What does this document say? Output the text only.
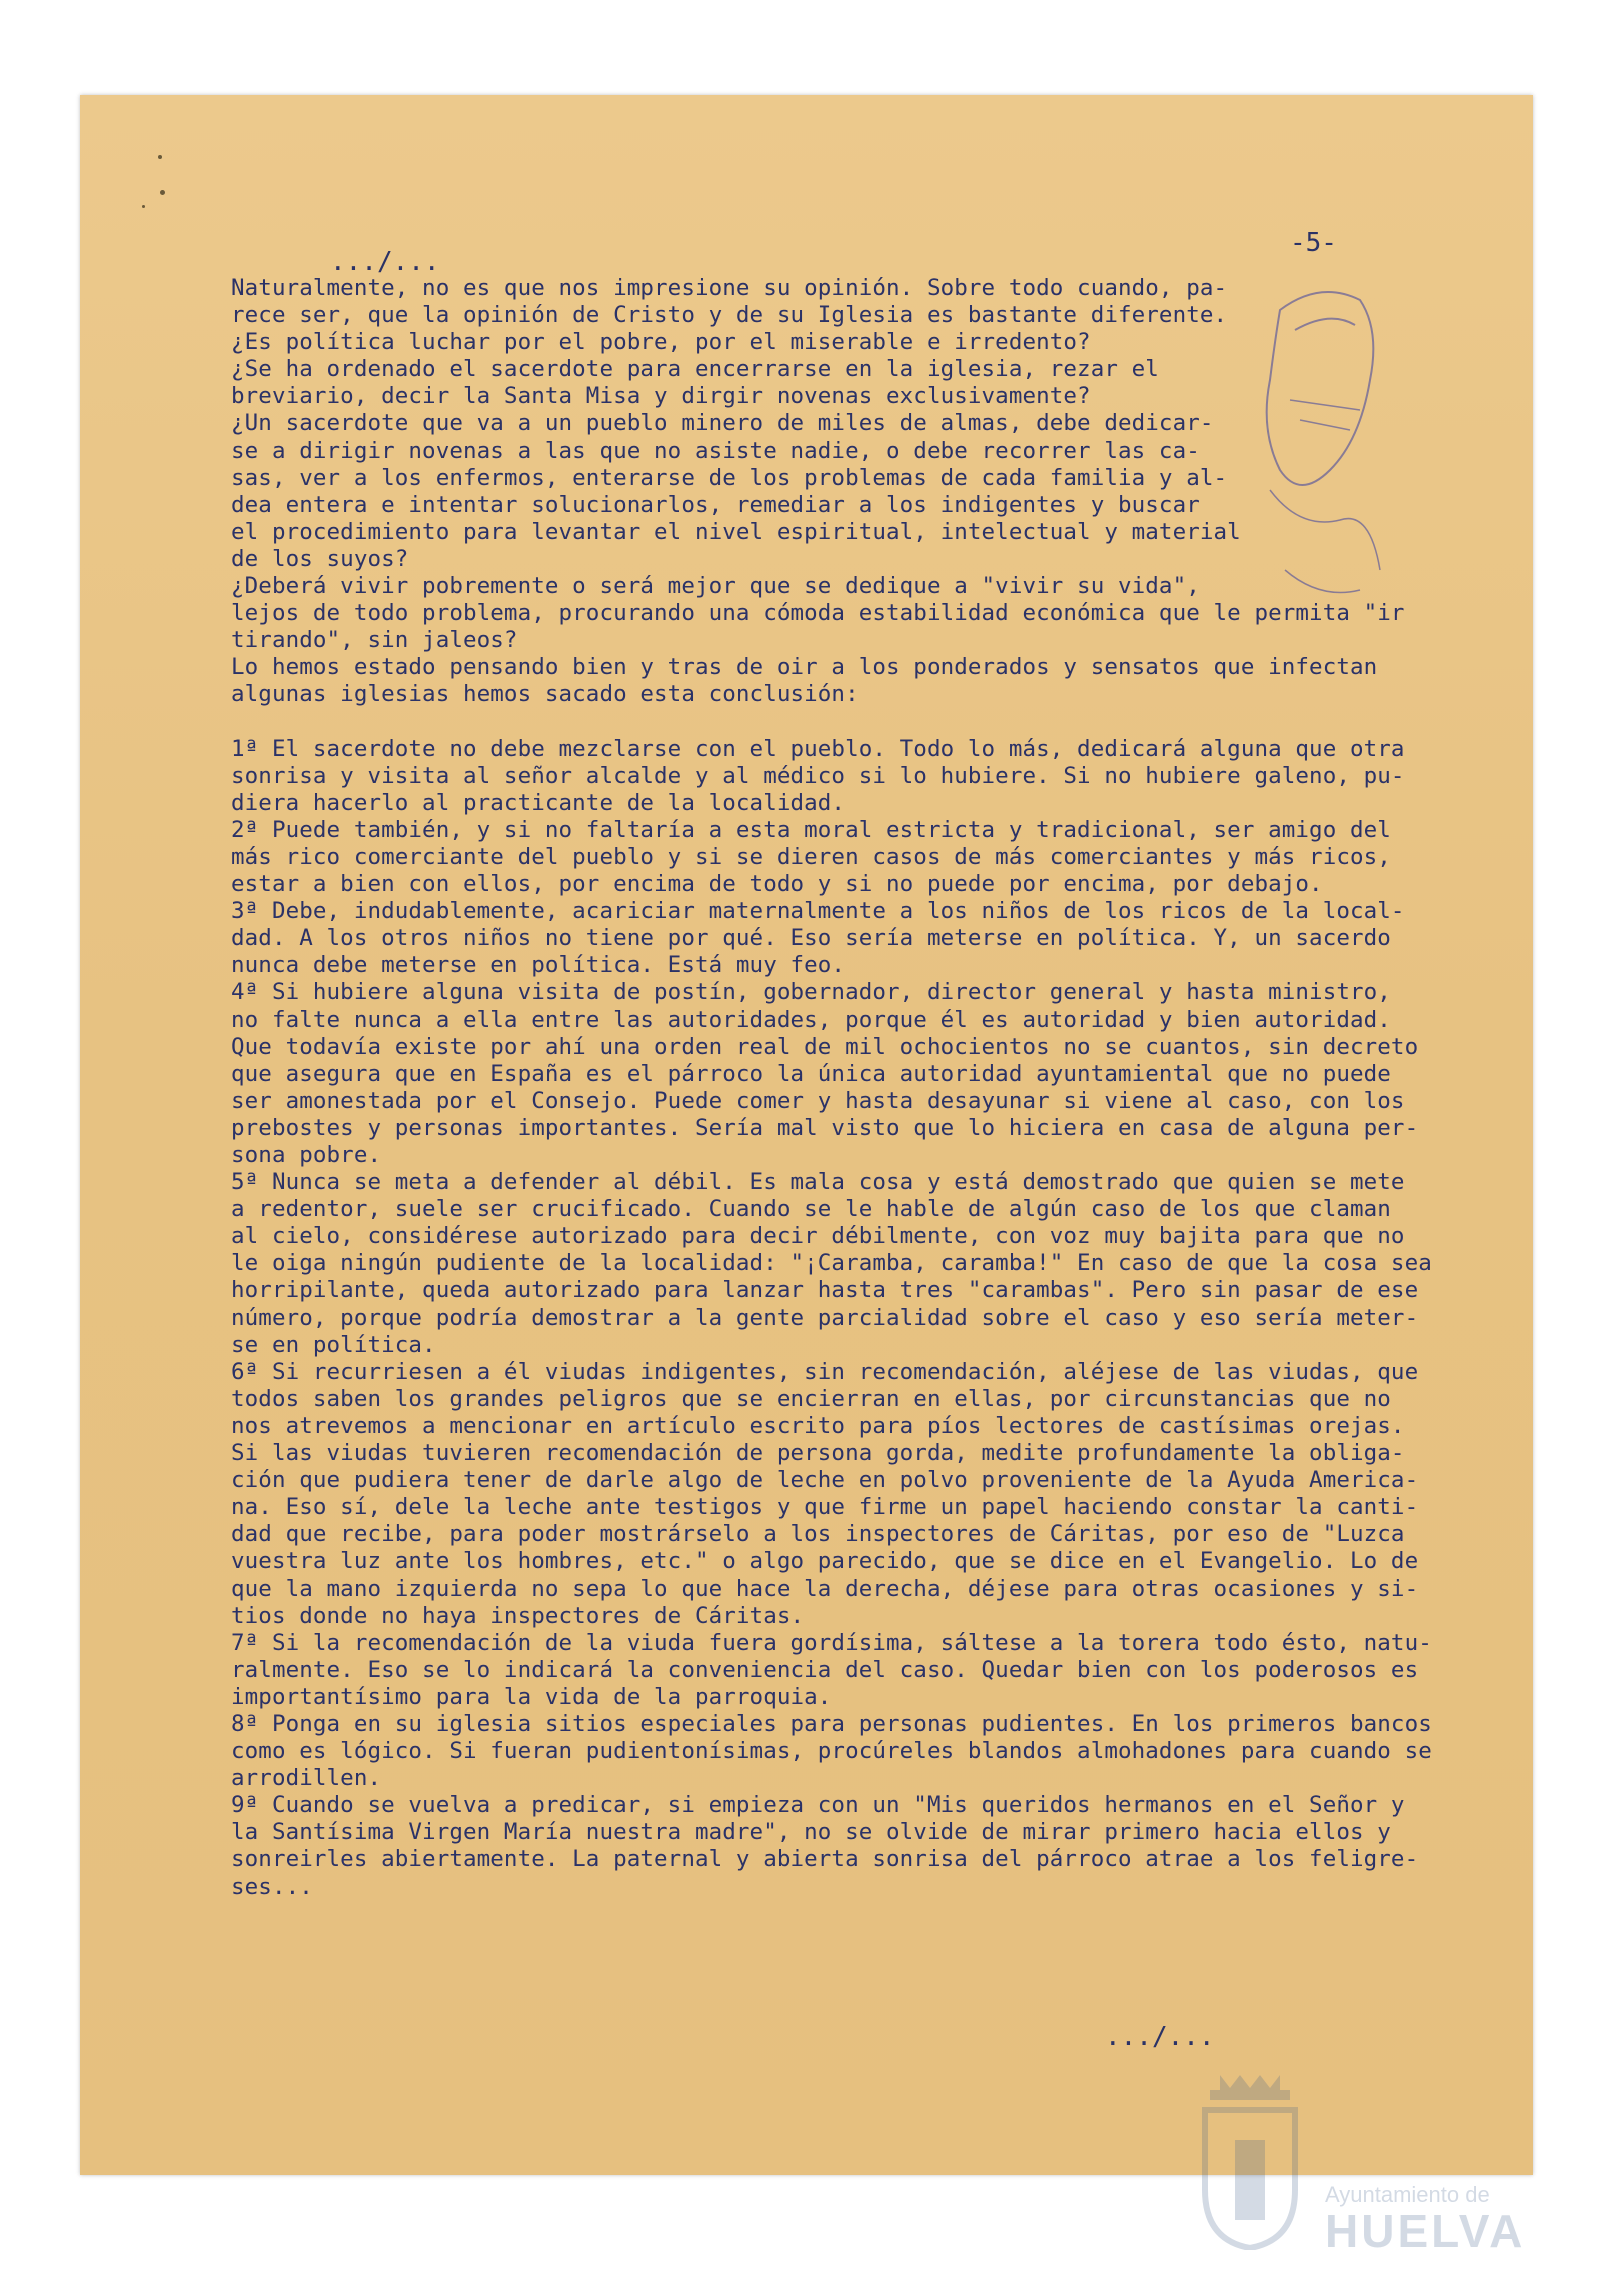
.../...
-5-
Naturalmente, no es que nos impresione su opinión. Sobre todo cuando, pa-
rece ser, que la opinión de Cristo y de su Iglesia es bastante diferente.
¿Es política luchar por el pobre, por el miserable e irredento?
¿Se ha ordenado el sacerdote para encerrarse en la iglesia, rezar el
breviario, decir la Santa Misa y dirgir novenas exclusivamente?
¿Un sacerdote que va a un pueblo minero de miles de almas, debe dedicar-
se a dirigir novenas a las que no asiste nadie, o debe recorrer las ca-
sas, ver a los enfermos, enterarse de los problemas de cada familia y al-
dea entera e intentar solucionarlos, remediar a los indigentes y buscar
el procedimiento para levantar el nivel espiritual, intelectual y material
de los suyos?
¿Deberá vivir pobremente o será mejor que se dedique a "vivir su vida",
lejos de todo problema, procurando una cómoda estabilidad económica que le permita "ir
tirando", sin jaleos?
Lo hemos estado pensando bien y tras de oir a los ponderados y sensatos que infectan
algunas iglesias hemos sacado esta conclusión:

1ª El sacerdote no debe mezclarse con el pueblo. Todo lo más, dedicará alguna que otra
sonrisa y visita al señor alcalde y al médico si lo hubiere. Si no hubiere galeno, pu-
diera hacerlo al practicante de la localidad.
2ª Puede también, y si no faltaría a esta moral estricta y tradicional, ser amigo del
más rico comerciante del pueblo y si se dieren casos de más comerciantes y más ricos,
estar a bien con ellos, por encima de todo y si no puede por encima, por debajo.
3ª Debe, indudablemente, acariciar maternalmente a los niños de los ricos de la local-
dad. A los otros niños no tiene por qué. Eso sería meterse en política. Y, un sacerdo
nunca debe meterse en política. Está muy feo.
4ª Si hubiere alguna visita de postín, gobernador, director general y hasta ministro,
no falte nunca a ella entre las autoridades, porque él es autoridad y bien autoridad.
Que todavía existe por ahí una orden real de mil ochocientos no se cuantos, sin decreto
que asegura que en España es el párroco la única autoridad ayuntamiental que no puede
ser amonestada por el Consejo. Puede comer y hasta desayunar si viene al caso, con los
prebostes y personas importantes. Sería mal visto que lo hiciera en casa de alguna per-
sona pobre.
5ª Nunca se meta a defender al débil. Es mala cosa y está demostrado que quien se mete
a redentor, suele ser crucificado. Cuando se le hable de algún caso de los que claman
al cielo, considérese autorizado para decir débilmente, con voz muy bajita para que no
le oiga ningún pudiente de la localidad: "¡Caramba, caramba!" En caso de que la cosa sea
horripilante, queda autorizado para lanzar hasta tres "carambas". Pero sin pasar de ese
número, porque podría demostrar a la gente parcialidad sobre el caso y eso sería meter-
se en política.
6ª Si recurriesen a él viudas indigentes, sin recomendación, aléjese de las viudas, que
todos saben los grandes peligros que se encierran en ellas, por circunstancias que no
nos atrevemos a mencionar en artículo escrito para píos lectores de castísimas orejas.
Si las viudas tuvieren recomendación de persona gorda, medite profundamente la obliga-
ción que pudiera tener de darle algo de leche en polvo proveniente de la Ayuda America-
na. Eso sí, dele la leche ante testigos y que firme un papel haciendo constar la canti-
dad que recibe, para poder mostrárselo a los inspectores de Cáritas, por eso de "Luzca
vuestra luz ante los hombres, etc." o algo parecido, que se dice en el Evangelio. Lo de
que la mano izquierda no sepa lo que hace la derecha, déjese para otras ocasiones y si-
tios donde no haya inspectores de Cáritas.
7ª Si la recomendación de la viuda fuera gordísima, sáltese a la torera todo ésto, natu-
ralmente. Eso se lo indicará la conveniencia del caso. Quedar bien con los poderosos es
importantísimo para la vida de la parroquia.
8ª Ponga en su iglesia sitios especiales para personas pudientes. En los primeros bancos
como es lógico. Si fueran pudientonísimas, procúreles blandos almohadones para cuando se
arrodillen.
9ª Cuando se vuelva a predicar, si empieza con un "Mis queridos hermanos en el Señor y
la Santísima Virgen María nuestra madre", no se olvide de mirar primero hacia ellos y
sonreirles abiertamente. La paternal y abierta sonrisa del párroco atrae a los feligre-
ses...
.../...
Ayuntamiento de
HUELVA
